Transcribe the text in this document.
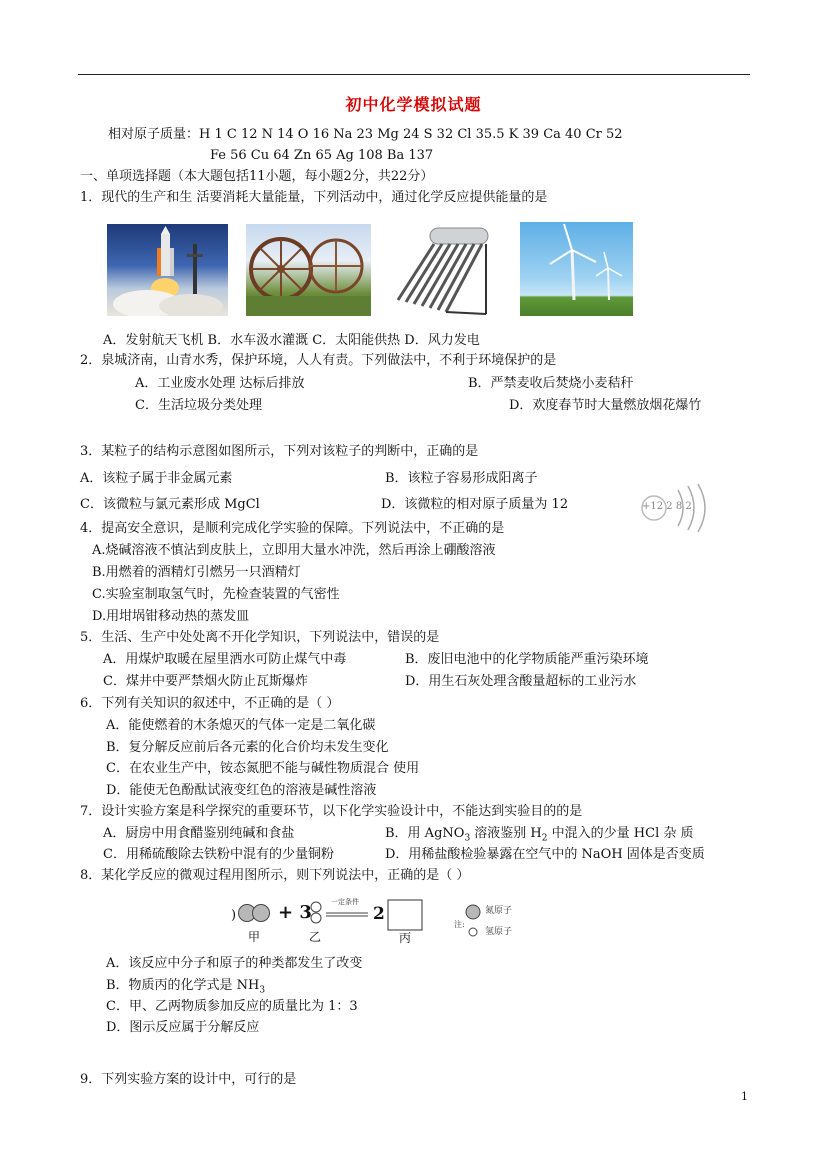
初中化学模拟试题
相对原子质量：H 1 C 12 N 14 O 16 Na 23 Mg 24 S 32 Cl 35.5 K 39 Ca 40 Cr 52
Fe 56 Cu 64 Zn 65 Ag 108 Ba 137
一、单项选择题（本大题包括11小题，每小题2分，共22分）
1．现代的生产和生 活要消耗大量能量，下列活动中，通过化学反应提供能量的是
A．发射航天飞机 B．水车汲水灌溉 C．太阳能供热 D．风力发电
2．泉城济南，山青水秀，保护环境，人人有责。下列做法中，不利于环境保护的是
A．工业废水处理 达标后排放	B．严禁麦收后焚烧小麦秸秆
C．生活垃圾分类处理	D．欢度春节时大量燃放烟花爆竹
3．某粒子的结构示意图如图所示，下列对该粒子的判断中，正确的是
A．该粒子属于非金属元素	B．该粒子容易形成阳离子
C．该微粒与氯元素形成 MgCl	D．该微粒的相对原子质量为 12	+12 2 8 2
4．提高安全意识，是顺利完成化学实验的保障。下列说法中，不正确的是
A.烧碱溶液不慎沾到皮肤上，立即用大量水冲洗，然后再涂上硼酸溶液
B.用燃着的酒精灯引燃另一只酒精灯
C.实验室制取氢气时，先检查装置的气密性
D.用坩埚钳移动热的蒸发皿
5．生活、生产中处处离不开化学知识，下列说法中，错误的是
A．用煤炉取暖在屋里洒水可防止煤气中毒	B．废旧电池中的化学物质能严重污染环境
C．煤井中要严禁烟火防止瓦斯爆炸	D．用生石灰处理含酸量超标的工业污水
6．下列有关知识的叙述中，不正确的是（ ）
A．能使燃着的木条熄灭的气体一定是二氧化碳
B．复分解反应前后各元素的化合价均未发生变化
C．在农业生产中，铵态氮肥不能与碱性物质混合 使用
D．能使无色酚酞试液变红色的溶液是碱性溶液
7．设计实验方案是科学探究的重要环节，以下化学实验设计中，不能达到实验目的的是
A．厨房中用食醋鉴别纯碱和食盐	B．用 AgNO$_3$ 溶液鉴别 $H_2$ 中混入的少量 HCl 杂 质
C．用稀硫酸除去铁粉中混有的少量铜粉	D．用稀盐酸检验暴露在空气中的 NaOH 固体是否变质
8．某化学反应的微观过程用图所示，则下列说法中，正确的是（ ）
) + 3	一定条件
2
甲	乙	丙
注:
氮原子
氢原子
A．该反应中分子和原子的种类都发生了改变
B．物质丙的化学式是 $NH_3$
C．甲、乙两物质参加反应的质量比为 1：3
D．图示反应属于分解反应
9．下列实验方案的设计中，可行的是
1
